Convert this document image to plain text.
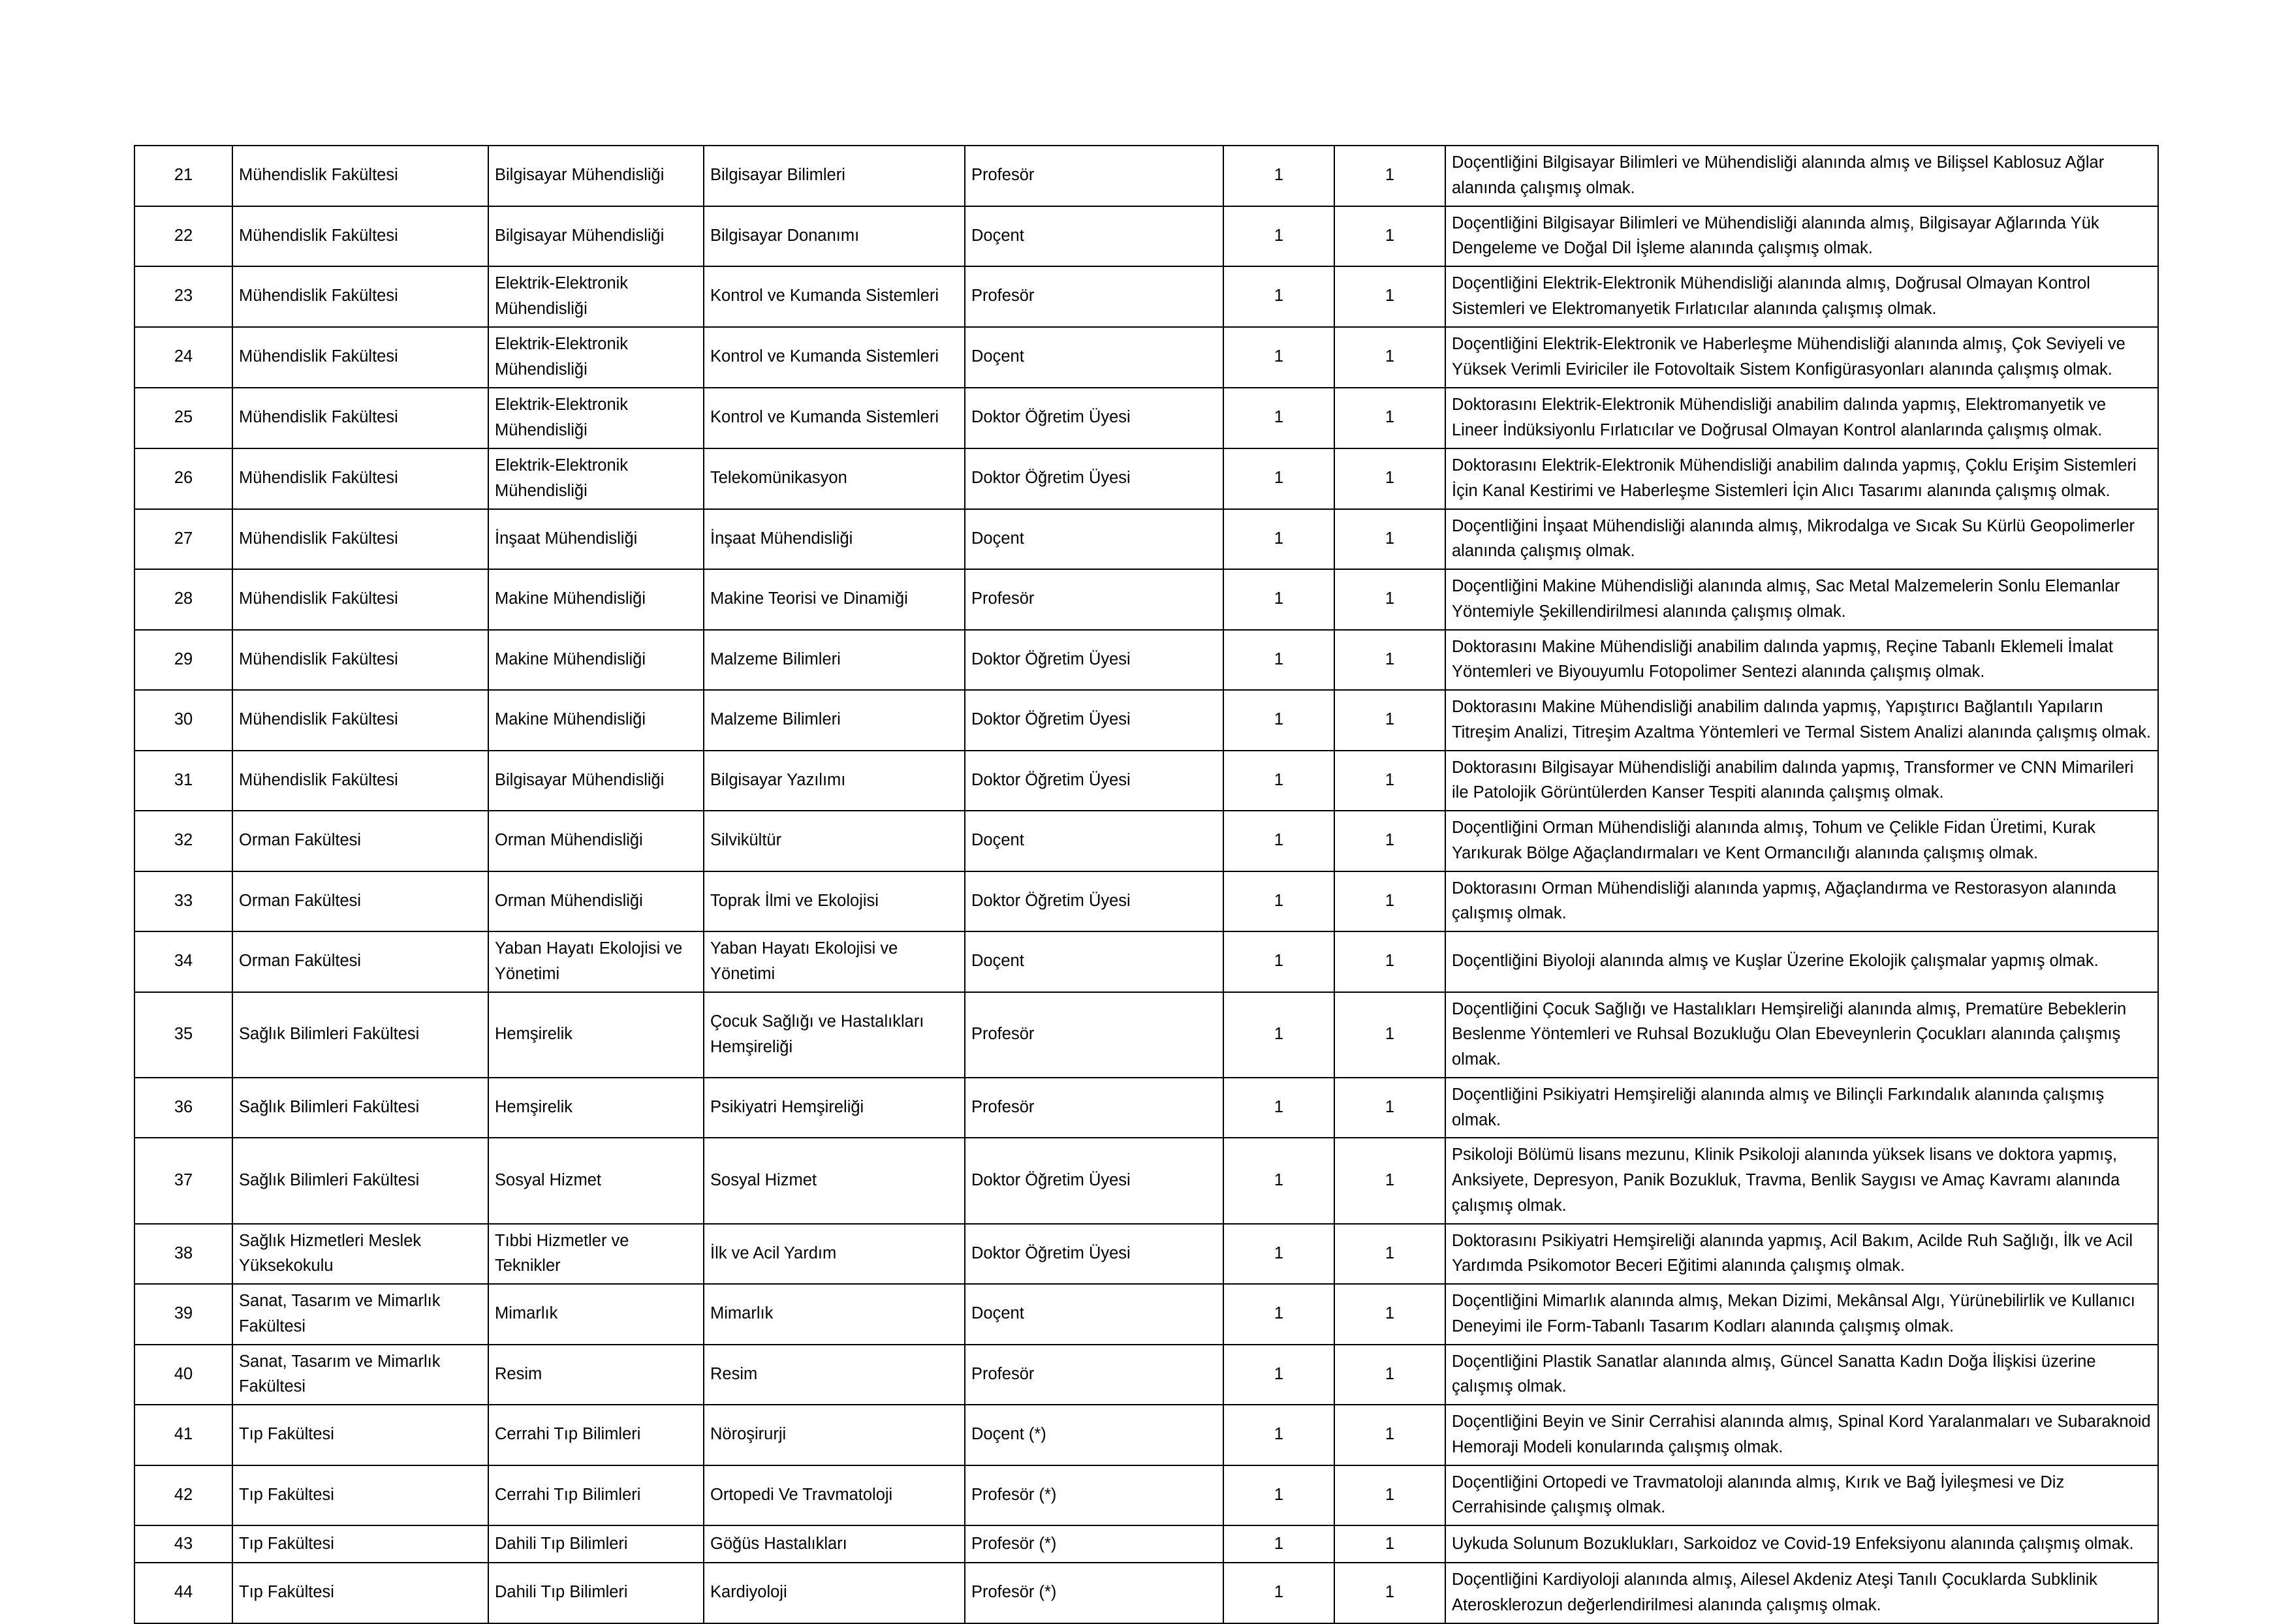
21	Mühendislik Fakültesi	Bilgisayar Mühendisliği	Bilgisayar Bilimleri	Profesör	1	1	Doçentliğini Bilgisayar Bilimleri ve Mühendisliği alanında almış ve Bilişsel Kablosuz Ağlar alanında çalışmış olmak.

22	Mühendislik Fakültesi	Bilgisayar Mühendisliği	Bilgisayar Donanımı	Doçent	1	1	Doçentliğini Bilgisayar Bilimleri ve Mühendisliği alanında almış, Bilgisayar Ağlarında Yük Dengeleme ve Doğal Dil İşleme alanında çalışmış olmak.

23	Mühendislik Fakültesi	Elektrik-Elektronik Mühendisliği	Kontrol ve Kumanda Sistemleri	Profesör	1	1	Doçentliğini Elektrik-Elektronik Mühendisliği alanında almış, Doğrusal Olmayan Kontrol Sistemleri ve Elektromanyetik Fırlatıcılar alanında çalışmış olmak.

24	Mühendislik Fakültesi	Elektrik-Elektronik Mühendisliği	Kontrol ve Kumanda Sistemleri	Doçent	1	1	Doçentliğini Elektrik-Elektronik ve Haberleşme Mühendisliği alanında almış, Çok Seviyeli ve Yüksek Verimli Eviriciler ile Fotovoltaik Sistem Konfigürasyonları alanında çalışmış olmak.

25	Mühendislik Fakültesi	Elektrik-Elektronik Mühendisliği	Kontrol ve Kumanda Sistemleri	Doktor Öğretim Üyesi	1	1	Doktorasını Elektrik-Elektronik Mühendisliği anabilim dalında yapmış, Elektromanyetik ve Lineer İndüksiyonlu Fırlatıcılar ve Doğrusal Olmayan Kontrol alanlarında çalışmış olmak.

26	Mühendislik Fakültesi	Elektrik-Elektronik Mühendisliği	Telekomünikasyon	Doktor Öğretim Üyesi	1	1	Doktorasını Elektrik-Elektronik Mühendisliği anabilim dalında yapmış, Çoklu Erişim Sistemleri İçin Kanal Kestirimi ve Haberleşme Sistemleri İçin Alıcı Tasarımı alanında çalışmış olmak.

27	Mühendislik Fakültesi	İnşaat Mühendisliği	İnşaat Mühendisliği	Doçent	1	1	Doçentliğini İnşaat Mühendisliği alanında almış, Mikrodalga ve Sıcak Su Kürlü Geopolimerler alanında çalışmış olmak.

28	Mühendislik Fakültesi	Makine Mühendisliği	Makine Teorisi ve Dinamiği	Profesör	1	1	Doçentliğini Makine Mühendisliği alanında almış, Sac Metal Malzemelerin Sonlu Elemanlar Yöntemiyle Şekillendirilmesi alanında çalışmış olmak.

29	Mühendislik Fakültesi	Makine Mühendisliği	Malzeme Bilimleri	Doktor Öğretim Üyesi	1	1	Doktorasını Makine Mühendisliği anabilim dalında yapmış, Reçine Tabanlı Eklemeli İmalat Yöntemleri ve Biyouyumlu Fotopolimer Sentezi alanında çalışmış olmak.

30	Mühendislik Fakültesi	Makine Mühendisliği	Malzeme Bilimleri	Doktor Öğretim Üyesi	1	1	Doktorasını Makine Mühendisliği anabilim dalında yapmış, Yapıştırıcı Bağlantılı Yapıların Titreşim Analizi, Titreşim Azaltma Yöntemleri ve Termal Sistem Analizi alanında çalışmış olmak.

31	Mühendislik Fakültesi	Bilgisayar Mühendisliği	Bilgisayar Yazılımı	Doktor Öğretim Üyesi	1	1	Doktorasını Bilgisayar Mühendisliği anabilim dalında yapmış, Transformer ve CNN Mimarileri ile Patolojik Görüntülerden Kanser Tespiti alanında çalışmış olmak.

32	Orman Fakültesi	Orman Mühendisliği	Silvikültür	Doçent	1	1	Doçentliğini Orman Mühendisliği alanında almış, Tohum ve Çelikle Fidan Üretimi, Kurak Yarıkurak Bölge Ağaçlandırmaları ve Kent Ormancılığı alanında çalışmış olmak.

33	Orman Fakültesi	Orman Mühendisliği	Toprak İlmi ve Ekolojisi	Doktor Öğretim Üyesi	1	1	Doktorasını Orman Mühendisliği alanında yapmış, Ağaçlandırma ve Restorasyon alanında çalışmış olmak.

34	Orman Fakültesi	Yaban Hayatı Ekolojisi ve Yönetimi	Yaban Hayatı Ekolojisi ve Yönetimi	Doçent	1	1	Doçentliğini Biyoloji alanında almış ve Kuşlar Üzerine Ekolojik çalışmalar yapmış olmak.

35	Sağlık Bilimleri Fakültesi	Hemşirelik	Çocuk Sağlığı ve Hastalıkları Hemşireliği	Profesör	1	1	Doçentliğini Çocuk Sağlığı ve Hastalıkları Hemşireliği alanında almış, Prematüre Bebeklerin Beslenme Yöntemleri ve Ruhsal Bozukluğu Olan Ebeveynlerin Çocukları alanında çalışmış olmak.

36	Sağlık Bilimleri Fakültesi	Hemşirelik	Psikiyatri Hemşireliği	Profesör	1	1	Doçentliğini Psikiyatri Hemşireliği alanında almış ve Bilinçli Farkındalık alanında çalışmış olmak.

37	Sağlık Bilimleri Fakültesi	Sosyal Hizmet	Sosyal Hizmet	Doktor Öğretim Üyesi	1	1	Psikoloji Bölümü lisans mezunu, Klinik Psikoloji alanında yüksek lisans ve doktora yapmış, Anksiyete, Depresyon, Panik Bozukluk, Travma, Benlik Saygısı ve Amaç Kavramı alanında çalışmış olmak.

38	Sağlık Hizmetleri Meslek Yüksekokulu	Tıbbi Hizmetler ve Teknikler	İlk ve Acil Yardım	Doktor Öğretim Üyesi	1	1	Doktorasını Psikiyatri Hemşireliği alanında yapmış, Acil Bakım, Acilde Ruh Sağlığı, İlk ve Acil Yardımda Psikomotor Beceri Eğitimi alanında çalışmış olmak.

39	Sanat, Tasarım ve Mimarlık Fakültesi	Mimarlık	Mimarlık	Doçent	1	1	Doçentliğini Mimarlık alanında almış, Mekan Dizimi, Mekânsal Algı, Yürünebilirlik ve Kullanıcı Deneyimi ile Form-Tabanlı Tasarım Kodları alanında çalışmış olmak.

40	Sanat, Tasarım ve Mimarlık Fakültesi	Resim	Resim	Profesör	1	1	Doçentliğini Plastik Sanatlar alanında almış, Güncel Sanatta Kadın Doğa İlişkisi üzerine çalışmış olmak.

41	Tıp Fakültesi	Cerrahi Tıp Bilimleri	Nöroşirurji	Doçent (*)	1	1	Doçentliğini Beyin ve Sinir Cerrahisi alanında almış, Spinal Kord Yaralanmaları ve Subaraknoid Hemoraji Modeli konularında çalışmış olmak.

42	Tıp Fakültesi	Cerrahi Tıp Bilimleri	Ortopedi Ve Travmatoloji	Profesör (*)	1	1	Doçentliğini Ortopedi ve Travmatoloji alanında almış, Kırık ve Bağ İyileşmesi ve Diz Cerrahisinde çalışmış olmak.

43	Tıp Fakültesi	Dahili Tıp Bilimleri	Göğüs Hastalıkları	Profesör (*)	1	1	Uykuda Solunum Bozuklukları, Sarkoidoz ve Covid-19 Enfeksiyonu alanında çalışmış olmak.

44	Tıp Fakültesi	Dahili Tıp Bilimleri	Kardiyoloji	Profesör (*)	1	1	Doçentliğini Kardiyoloji alanında almış, Ailesel Akdeniz Ateşi Tanılı Çocuklarda Subklinik Aterosklerozun değerlendirilmesi alanında çalışmış olmak.
